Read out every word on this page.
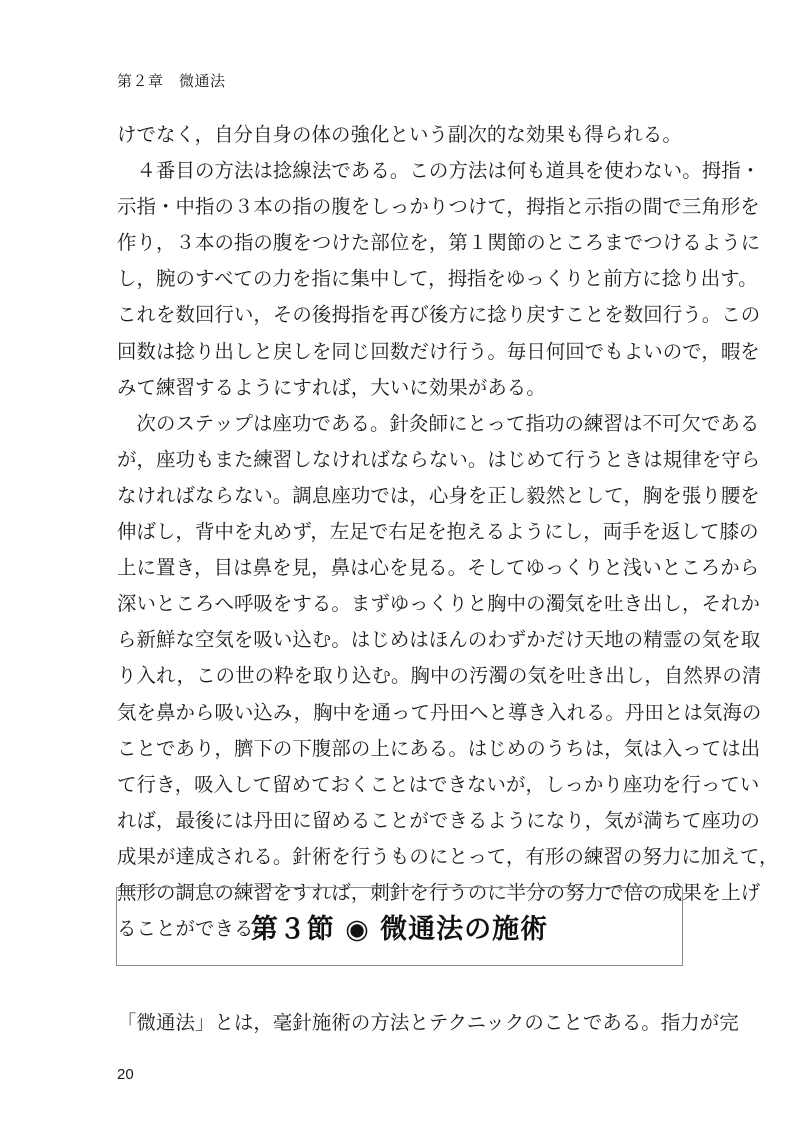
第２章　微通法
けでなく，自分自身の体の強化という副次的な効果も得られる。
　４番目の方法は捻線法である。この方法は何も道具を使わない。拇指・
示指・中指の３本の指の腹をしっかりつけて，拇指と示指の間で三角形を
作り，３本の指の腹をつけた部位を，第１関節のところまでつけるように
し，腕のすべての力を指に集中して，拇指をゆっくりと前方に捻り出す。
これを数回行い，その後拇指を再び後方に捻り戻すことを数回行う。この
回数は捻り出しと戻しを同じ回数だけ行う。毎日何回でもよいので，暇を
みて練習するようにすれば，大いに効果がある。
　次のステップは座功である。針灸師にとって指功の練習は不可欠である
が，座功もまた練習しなければならない。はじめて行うときは規律を守ら
なければならない。調息座功では，心身を正し毅然として，胸を張り腰を
伸ばし，背中を丸めず，左足で右足を抱えるようにし，両手を返して膝の
上に置き，目は鼻を見，鼻は心を見る。そしてゆっくりと浅いところから
深いところへ呼吸をする。まずゆっくりと胸中の濁気を吐き出し，それか
ら新鮮な空気を吸い込む。はじめはほんのわずかだけ天地の精霊の気を取
り入れ，この世の粋を取り込む。胸中の汚濁の気を吐き出し，自然界の清
気を鼻から吸い込み，胸中を通って丹田へと導き入れる。丹田とは気海の
ことであり，臍下の下腹部の上にある。はじめのうちは，気は入っては出
て行き，吸入して留めておくことはできないが，しっかり座功を行ってい
れば，最後には丹田に留めることができるようになり，気が満ちて座功の
成果が達成される。針術を行うものにとって，有形の練習の努力に加えて，
無形の調息の練習をすれば，刺針を行うのに半分の努力で倍の成果を上げ
ることができる。
第３節 ◉ 微通法の施術
「微通法」とは，毫針施術の方法とテクニックのことである。指力が完
20
